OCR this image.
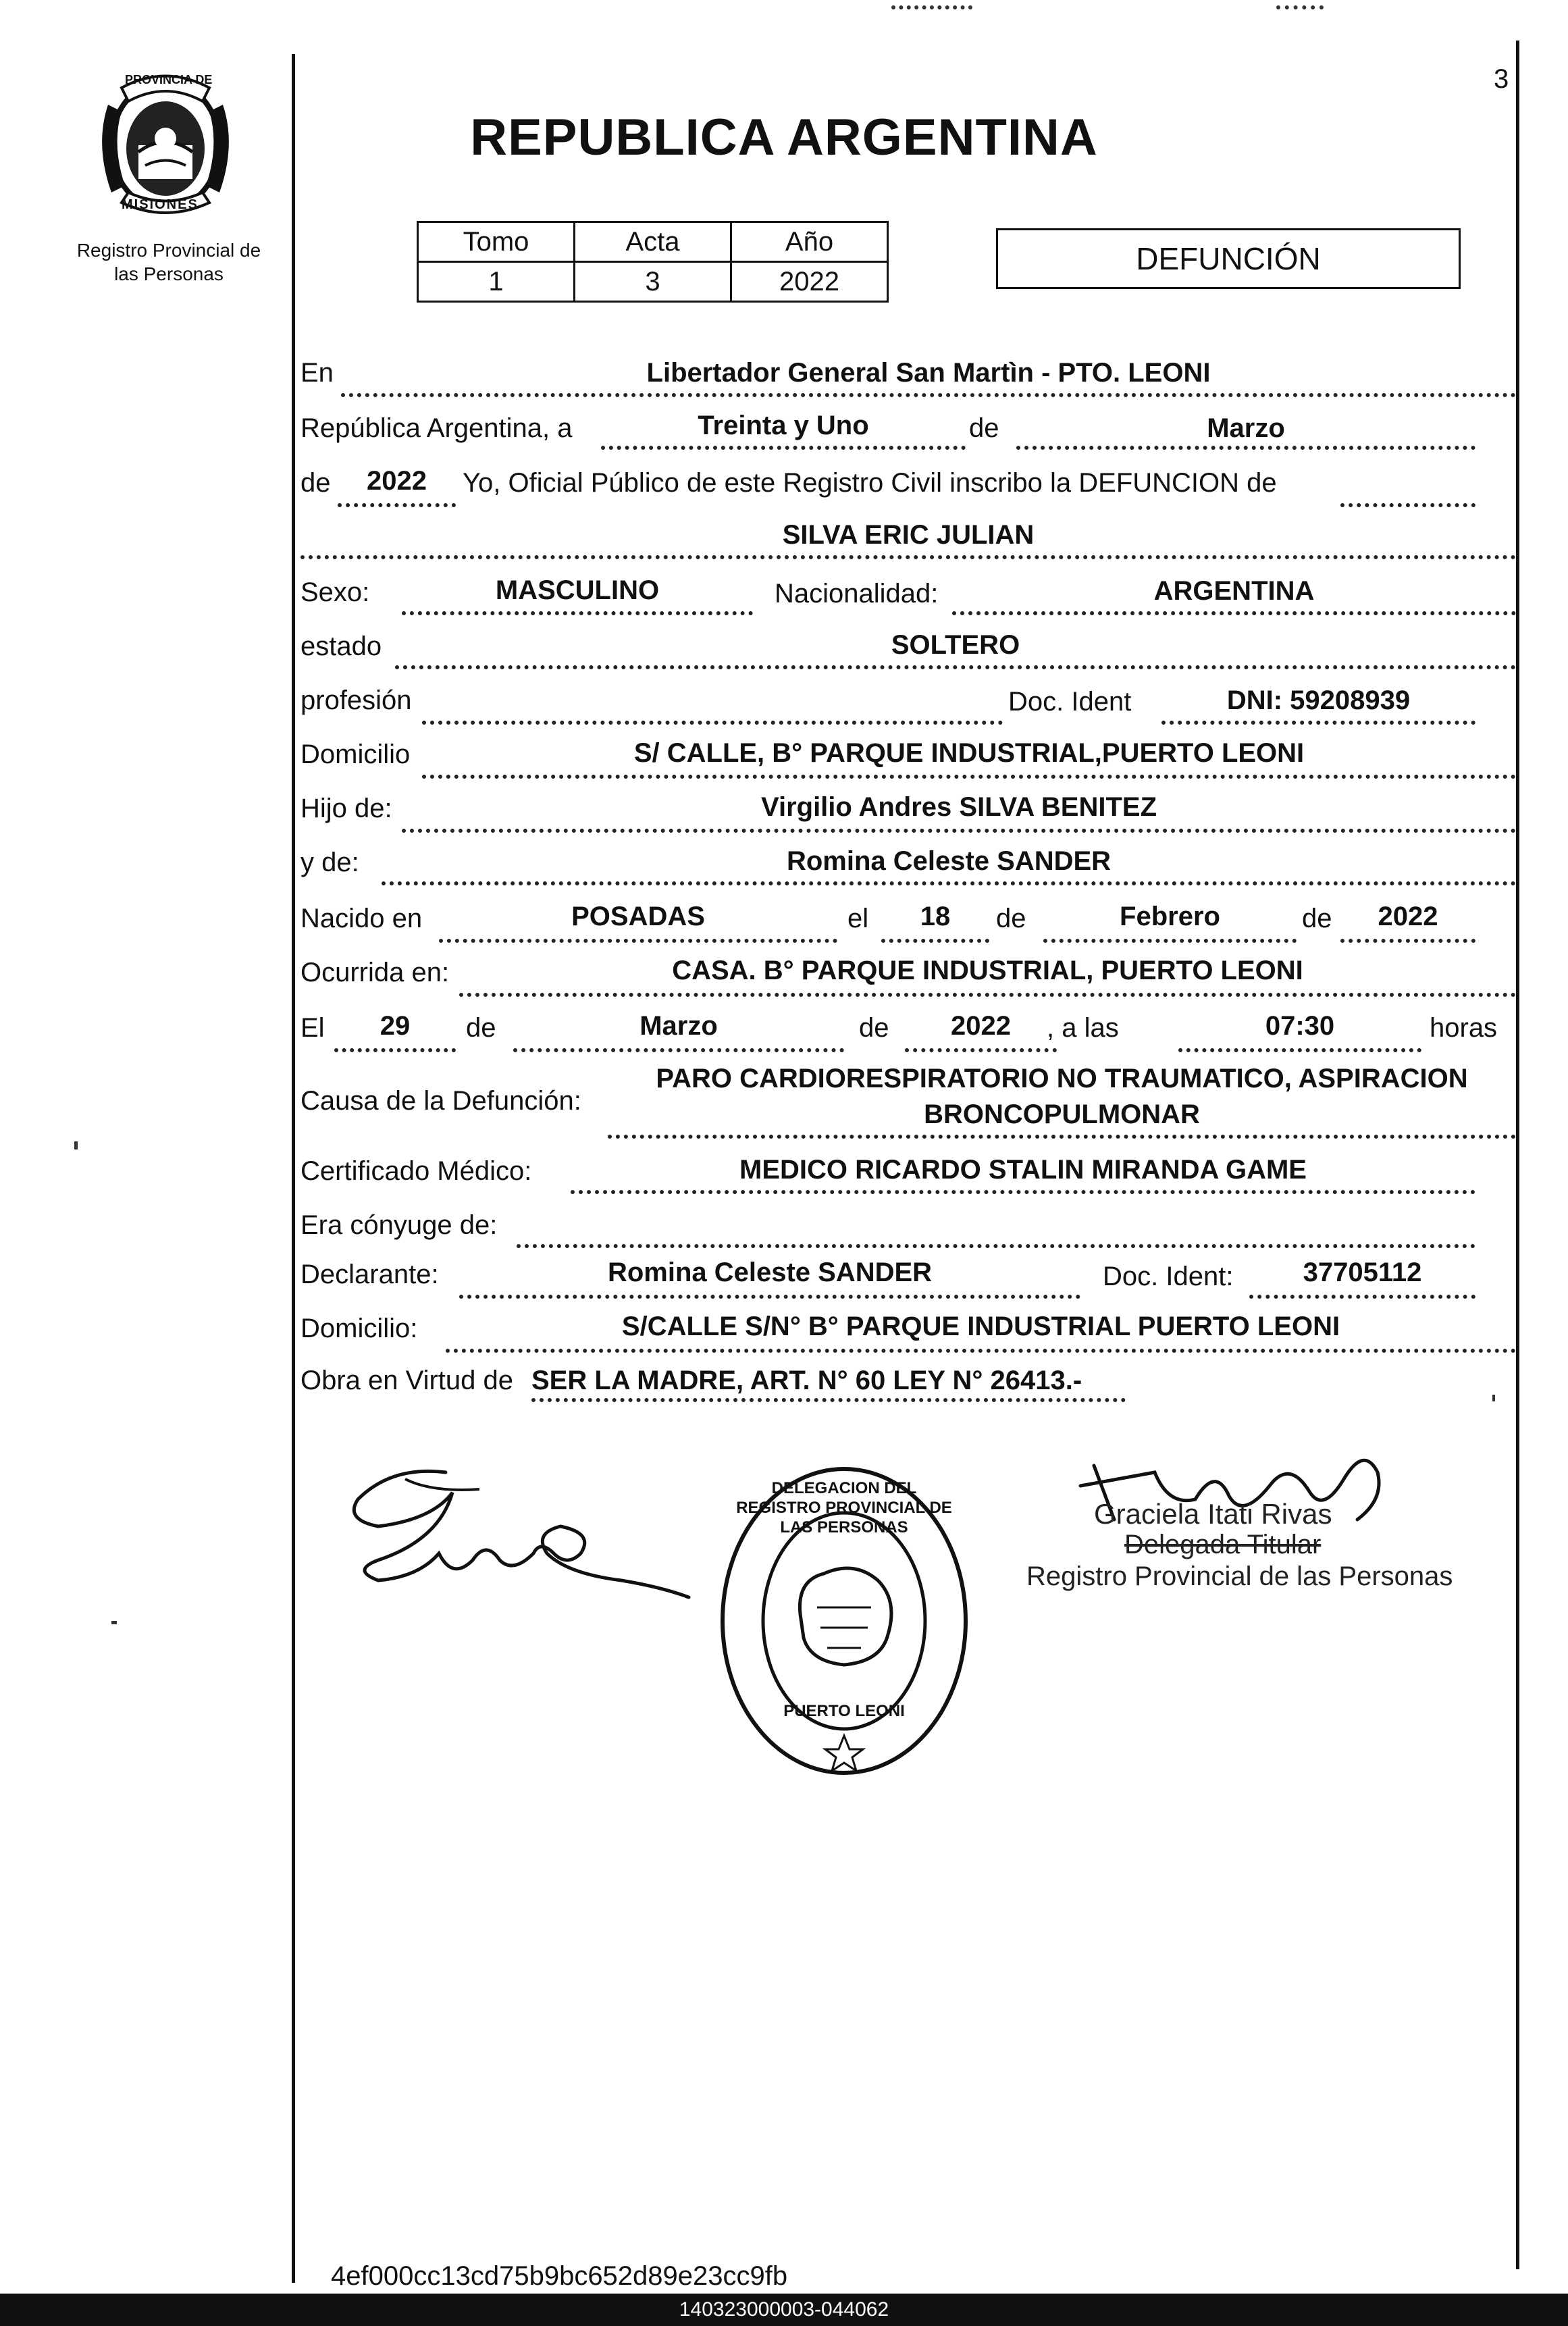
PROVINCIA DE
MISIONES
Registro Provincial de
las Personas
3
REPUBLICA ARGENTINA
Tomo	Acta	Año
1	3	2022
DEFUNCIÓN
En	Libertador General San Martìn - PTO. LEONI
República Argentina, a	Treinta y Uno	de	Marzo
de	2022	Yo, Oficial Público de este Registro Civil inscribo la DEFUNCION de
SILVA ERIC JULIAN
Sexo:	MASCULINO	Nacionalidad:	ARGENTINA
estado	SOLTERO
profesión	Doc. Ident	DNI: 59208939
Domicilio	S/ CALLE, B° PARQUE INDUSTRIAL,PUERTO LEONI
Hijo de:	Virgilio Andres SILVA BENITEZ
y de:	Romina Celeste SANDER
Nacido en	POSADAS	el	18	de	Febrero	de	2022
Ocurrida en:	CASA. B° PARQUE INDUSTRIAL, PUERTO LEONI
El	29	de	Marzo	de	2022	, a las	07:30	horas
Causa de la Defunción:
PARO CARDIORESPIRATORIO NO TRAUMATICO, ASPIRACION
BRONCOPULMONAR
Certificado Médico:	MEDICO RICARDO STALIN MIRANDA GAME
Era cónyuge de:
Declarante:	Romina Celeste SANDER	Doc. Ident:	37705112
Domicilio:	S/CALLE S/N° B° PARQUE INDUSTRIAL PUERTO LEONI
Obra en Virtud de SER LA MADRE, ART. N° 60 LEY N° 26413.-
DELEGACION DEL REGISTRO PROVINCIAL DE LAS PERSONAS
PUERTO LEONI
Graciela Itati Rivas
Delegada Titular
Registro Provincial de las Personas
4ef000cc13cd75b9bc652d89e23cc9fb
140323000003-044062
